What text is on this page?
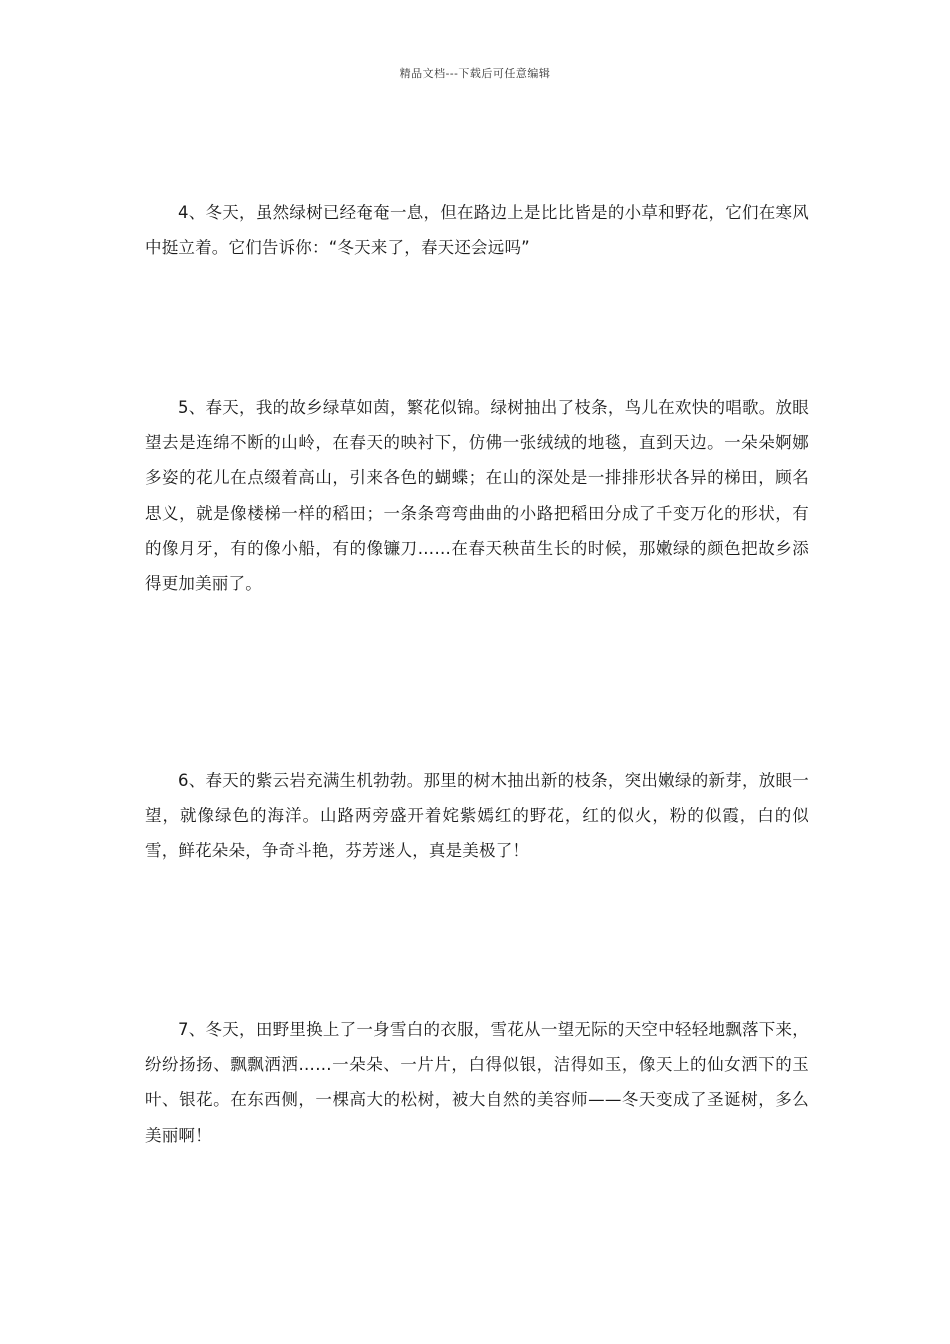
精品文档---下载后可任意编辑

4、冬天，虽然绿树已经奄奄一息，但在路边上是比比皆是的小草和野花，它们在寒风中挺立着。它们告诉你：“冬天来了，春天还会远吗”

5、春天，我的故乡绿草如茵，繁花似锦。绿树抽出了枝条，鸟儿在欢快的唱歌。放眼望去是连绵不断的山岭，在春天的映衬下，仿佛一张绒绒的地毯，直到天边。一朵朵婀娜多姿的花儿在点缀着高山，引来各色的蝴蝶；在山的深处是一排排形状各异的梯田，顾名思义，就是像楼梯一样的稻田；一条条弯弯曲曲的小路把稻田分成了千变万化的形状，有的像月牙，有的像小船，有的像镰刀……在春天秧苗生长的时候，那嫩绿的颜色把故乡添得更加美丽了。

6、春天的紫云岩充满生机勃勃。那里的树木抽出新的枝条，突出嫩绿的新芽，放眼一望，就像绿色的海洋。山路两旁盛开着姹紫嫣红的野花，红的似火，粉的似霞，白的似雪，鲜花朵朵，争奇斗艳，芬芳迷人，真是美极了！

7、冬天，田野里换上了一身雪白的衣服，雪花从一望无际的天空中轻轻地飘落下来，纷纷扬扬、飘飘洒洒……一朵朵、一片片，白得似银，洁得如玉，像天上的仙女洒下的玉叶、银花。在东西侧，一棵高大的松树，被大自然的美容师——冬天变成了圣诞树，多么美丽啊！
